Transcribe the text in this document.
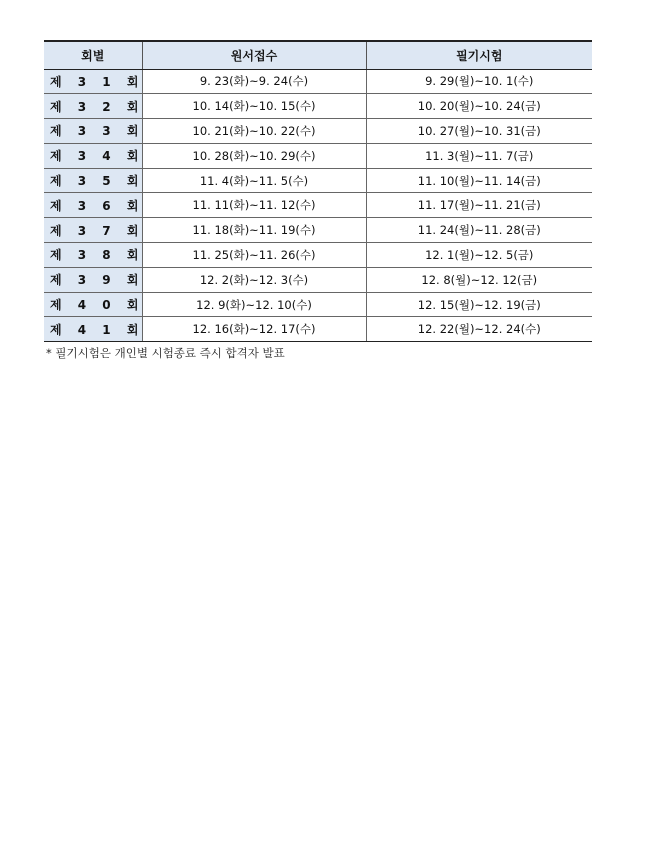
회별	원서접수	필기시험
제 3 1 회	9. 23(화)~9. 24(수)	9. 29(월)~10. 1(수)
제 3 2 회	10. 14(화)~10. 15(수)	10. 20(월)~10. 24(금)
제 3 3 회	10. 21(화)~10. 22(수)	10. 27(월)~10. 31(금)
제 3 4 회	10. 28(화)~10. 29(수)	11. 3(월)~11. 7(금)
제 3 5 회	11. 4(화)~11. 5(수)	11. 10(월)~11. 14(금)
제 3 6 회	11. 11(화)~11. 12(수)	11. 17(월)~11. 21(금)
제 3 7 회	11. 18(화)~11. 19(수)	11. 24(월)~11. 28(금)
제 3 8 회	11. 25(화)~11. 26(수)	12. 1(월)~12. 5(금)
제 3 9 회	12. 2(화)~12. 3(수)	12. 8(월)~12. 12(금)
제 4 0 회	12. 9(화)~12. 10(수)	12. 15(월)~12. 19(금)
제 4 1 회	12. 16(화)~12. 17(수)	12. 22(월)~12. 24(수)
* 필기시험은 개인별 시험종료 즉시 합격자 발표
